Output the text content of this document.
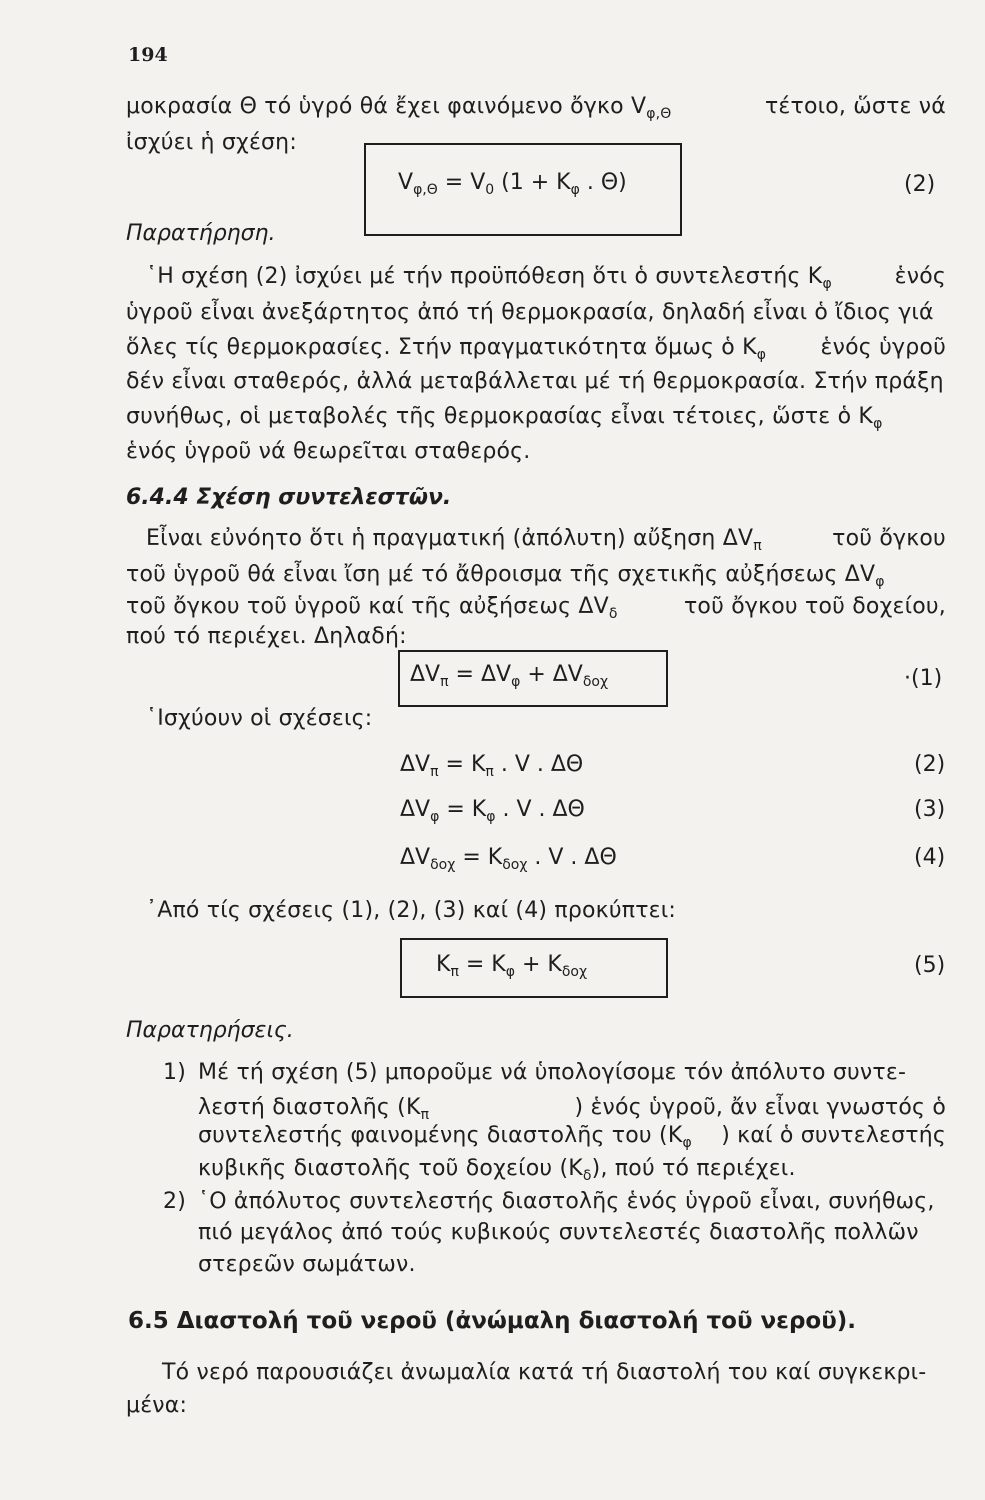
194
μοκρασία Θ τό ὑγρό θά ἔχει φαινόμενο ὄγκο $V_{\varphi,\Theta}$	τέτοιο, ὥστε νά
ἰσχύει ἡ σχέση:
$V_{\varphi,\Theta} = V_0$ ($1 + K_\varphi$ . Θ)	(2)
Παρατήρηση.
῾Η σχέση (2) ἰσχύει μέ τήν προϋπόθεση ὅτι ὁ συντελεστής $K_\varphi$	ἑνός
ὑγροῦ εἶναι ἀνεξάρτητος ἀπό τή θερμοκρασία, δηλαδή εἶναι ὁ ἴδιος γιά
ὅλες τίς θερμοκρασίες. Στήν πραγματικότητα ὅμως ὁ $K_\varphi$ ἑνός ὑγροῦ
δέν εἶναι σταθερός, ἀλλά μεταβάλλεται μέ τή θερμοκρασία. Στήν πράξη
συνήθως, οἱ μεταβολές τῆς θερμοκρασίας εἶναι τέτοιες, ὥστε ὁ $K_\varphi$
ἑνός ὑγροῦ νά θεωρεῖται σταθερός.
6.4.4 Σχέση συντελεστῶν.
Εἶναι εὐνόητο ὅτι ἡ πραγματική (ἀπόλυτη) αὔξηση $\Delta V_\pi$	τοῦ ὄγκου
τοῦ ὑγροῦ θά εἶναι ἴση μέ τό ἄθροισμα τῆς σχετικῆς αὐξήσεως $\Delta V_\varphi$
τοῦ ὄγκου τοῦ ὑγροῦ καί τῆς αὐξήσεως $\Delta V_\delta$	τοῦ ὄγκου τοῦ δοχείου,
πού τό περιέχει. Δηλαδή:
$\Delta V_\pi = \Delta V_\varphi + \Delta V_{\delta o\chi}$	·(1)
῾Ισχύουν οἱ σχέσεις:
$\Delta V_\pi = K_\pi$ . V . ΔΘ	(2)
$\Delta V_\varphi = K_\varphi$ . V . ΔΘ	(3)
$\Delta V_{\delta o\chi} = K_{\delta o\chi}$ . V . ΔΘ	(4)
᾿Από τίς σχέσεις (1), (2), (3) καί (4) προκύπτει:
$K_\pi = K_\varphi + K_{\delta o\chi}$	(5)
Παρατηρήσεις.
1) Μέ τή σχέση (5) μποροῦμε νά ὑπολογίσομε τόν ἀπόλυτο συντε-
λεστή διαστολῆς ($K_\pi$	) ἑνός ὑγροῦ, ἄν εἶναι γνωστός ὁ
συντελεστής φαινομένης διαστολῆς του ($K_\varphi$ ) καί ὁ συντελεστής
κυβικῆς διαστολῆς τοῦ δοχείου $(K_\delta)$, πού τό περιέχει.
2) ῾Ο ἀπόλυτος συντελεστής διαστολῆς ἑνός ὑγροῦ εἶναι, συνήθως,
πιό μεγάλος ἀπό τούς κυβικούς συντελεστές διαστολῆς πολλῶν
στερεῶν σωμάτων.
6.5 Διαστολή τοῦ νεροῦ (ἀνώμαλη διαστολή τοῦ νεροῦ).
Τό νερό παρουσιάζει ἀνωμαλία κατά τή διαστολή του καί συγκεκρι-
μένα:
